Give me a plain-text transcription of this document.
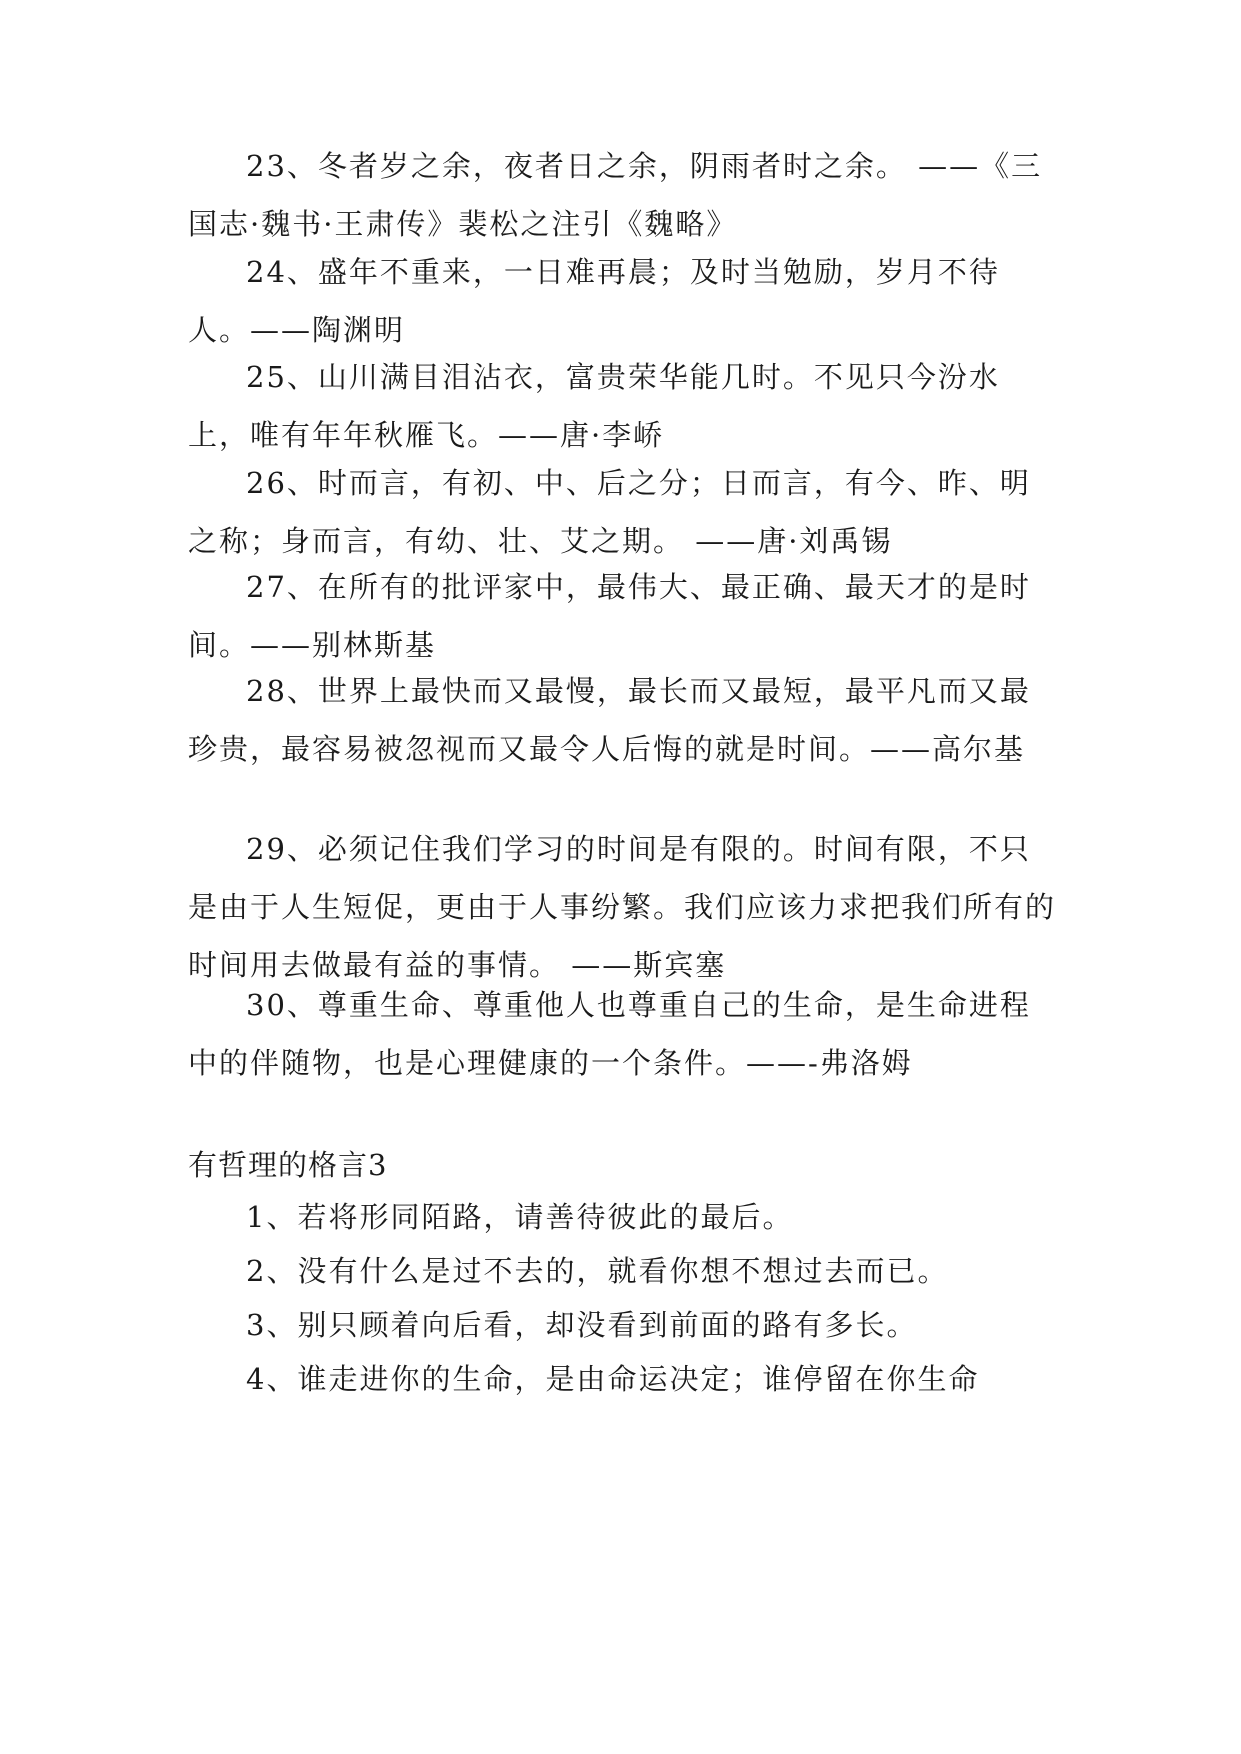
23、冬者岁之余，夜者日之余，阴雨者时之余。 ——《三国志·魏书·王肃传》裴松之注引《魏略》

24、盛年不重来，一日难再晨；及时当勉励，岁月不待人。——陶渊明

25、山川满目泪沾衣，富贵荣华能几时。不见只今汾水上，唯有年年秋雁飞。——唐·李峤

26、时而言，有初、中、后之分；日而言，有今、昨、明之称；身而言，有幼、壮、艾之期。 ——唐·刘禹锡

27、在所有的批评家中，最伟大、最正确、最天才的是时间。——别林斯基

28、世界上最快而又最慢，最长而又最短，最平凡而又最珍贵，最容易被忽视而又最令人后悔的就是时间。——高尔基

29、必须记住我们学习的时间是有限的。时间有限，不只是由于人生短促，更由于人事纷繁。我们应该力求把我们所有的时间用去做最有益的事情。 ——斯宾塞

30、尊重生命、尊重他人也尊重自己的生命，是生命进程中的伴随物，也是心理健康的一个条件。——-弗洛姆

有哲理的格言3

1、若将形同陌路，请善待彼此的最后。

2、没有什么是过不去的，就看你想不想过去而已。

3、别只顾着向后看，却没看到前面的路有多长。

4、谁走进你的生命，是由命运决定；谁停留在你生命
